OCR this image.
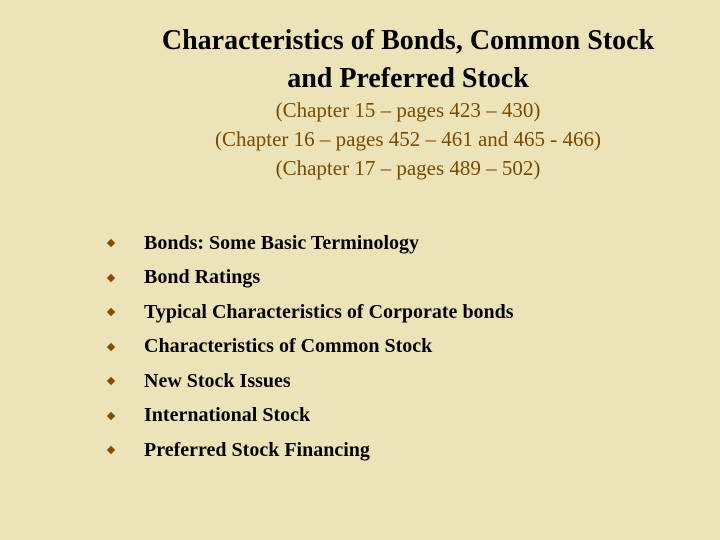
Characteristics of Bonds, Common Stock
and Preferred Stock
(Chapter 15 – pages 423 – 430)
(Chapter 16 – pages 452 – 461 and 465 - 466)
(Chapter 17 – pages 489 – 502)
Bonds: Some Basic Terminology
Bond Ratings
Typical Characteristics of Corporate bonds
Characteristics of Common Stock
New Stock Issues
International Stock
Preferred Stock Financing
